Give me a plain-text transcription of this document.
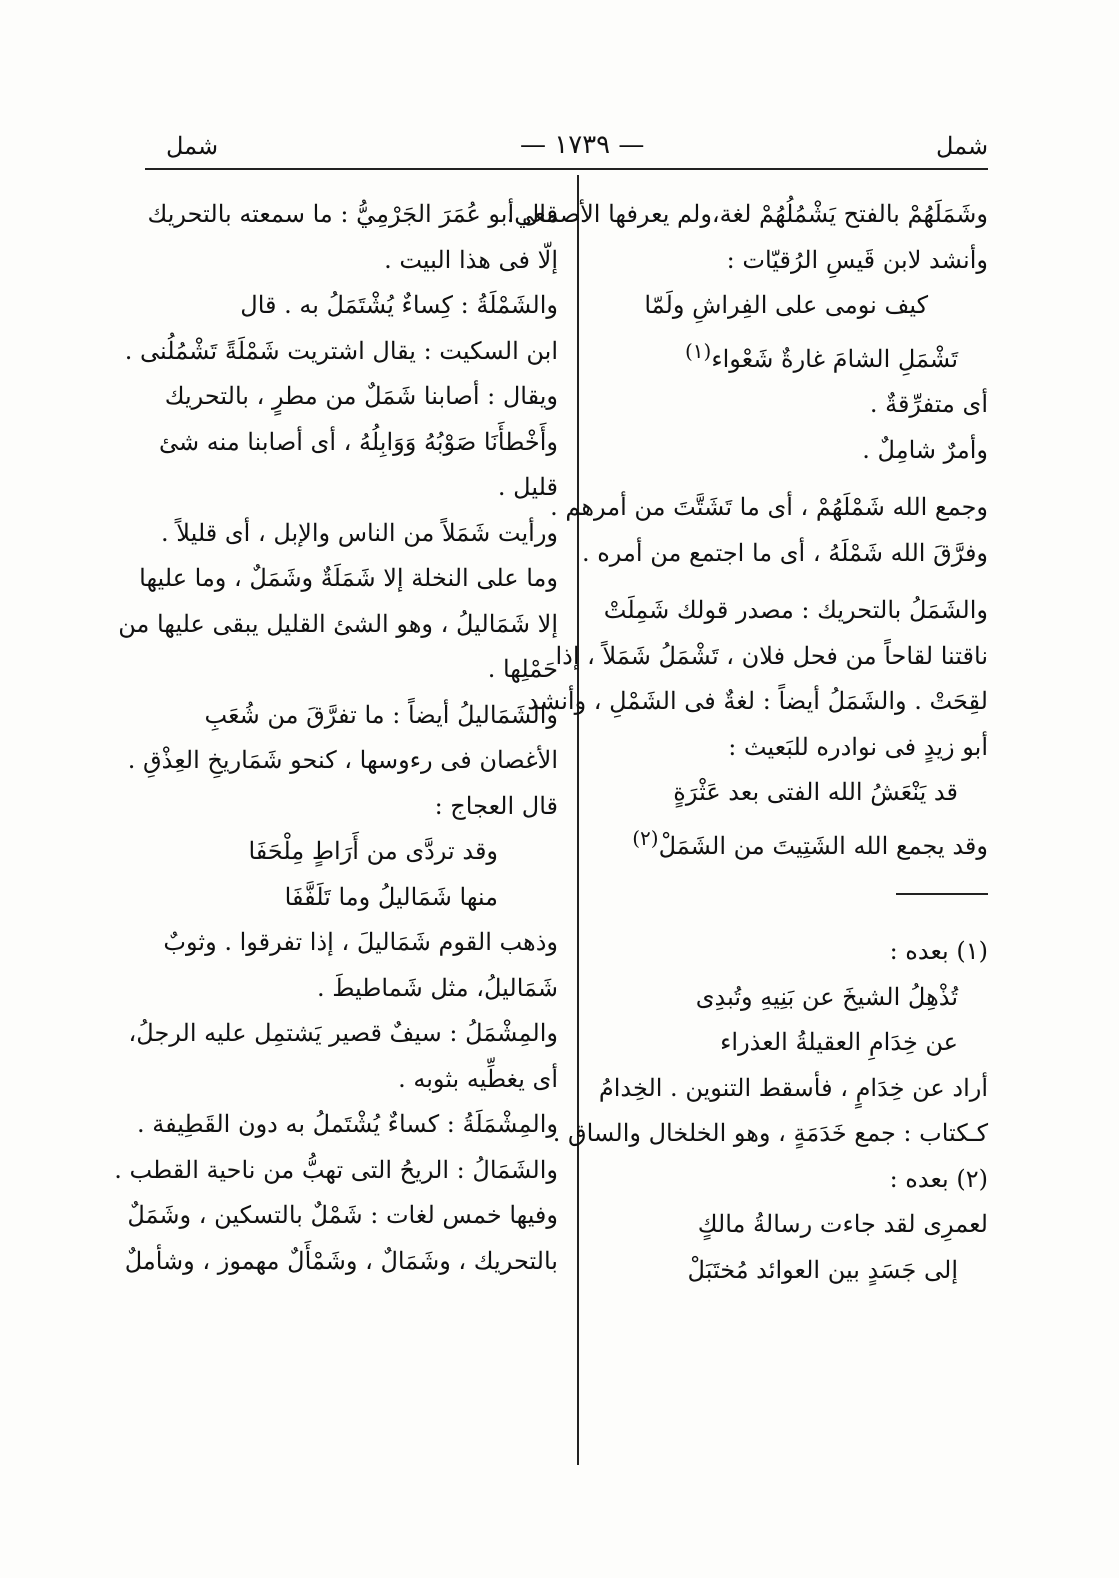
شمل	— ١٧٣٩ —	شمل
وشَمَلَهُمْ بالفتح يَشْمُلُهُمْ لغة،ولم يعرفها الأصمعي.
وأنشد لابن قَيسِ الرُقيّات :
كيف نومى على الفِراشِ ولَمّا
تَشْمَلِ الشامَ غارةٌ شَعْواء$^{(١)}$
أى متفرِّقةٌ .
وأمرٌ شامِلٌ .
وجمع الله شَمْلَهُمْ ، أى ما تَشَتَّتَ من أمرهم .
وفرَّقَ الله شَمْلَهُ ، أى ما اجتمع من أمره .
والشَمَلُ بالتحريك : مصدر قولك شَمِلَتْ
ناقتنا لقاحاً من فحل فلان ، تَشْمَلُ شَمَلاً ، إذا
لقِحَتْ . والشَمَلُ أيضاً : لغةٌ فى الشَمْلِ ، وأنشد
أبو زيدٍ فى نوادره للبَعيث :
قد يَنْعَشُ الله الفتى بعد عَثْرَةٍ
وقد يجمع الله الشَتِيتَ من الشَمَلْ$^{(٢)}$
(١) بعده :
تُذْهِلُ الشيخَ عن بَنِيهِ وتُبدِى
عن خِدَامِ العقيلةُ العذراء
أراد عن خِدَامٍ ، فأسقط التنوين . الخِدامُ
كـكتاب : جمع خَدَمَةٍ ، وهو الخلخال والساق .
(٢) بعده :
لعمرِى لقد جاءت رسالةُ مالكٍ
إلى جَسَدٍ بين العوائد مُختَبَلْ
قال أبو عُمَرَ الجَرْمِيُّ : ما سمعته بالتحريك
إلّا فى هذا البيت .
والشَمْلَةُ : كِساءٌ يُشْتَمَلُ به . قال
ابن السكيت : يقال اشتريت شَمْلَةً تَشْمُلُنى .
ويقال : أصابنا شَمَلٌ من مطرٍ ، بالتحريك
وأَخْطأَنَا صَوْبُهُ وَوَابِلُهُ ، أى أصابنا منه شئ
قليل .
ورأيت شَمَلاً من الناس والإبل ، أى قليلاً .
وما على النخلة إلا شَمَلَةٌ وشَمَلٌ ، وما عليها
إلا شَمَاليلُ ، وهو الشئ القليل يبقى عليها من
حَمْلِها .
والشَمَاليلُ أيضاً : ما تفرَّقَ من شُعَبِ
الأغصان فى رءوسها ، كنحو شَمَاريخِ العِذْقِ .
قال العجاج :
وقد تردَّى من أَرَاطٍ مِلْحَفَا
منها شَمَاليلُ وما تَلَفَّفَا
وذهب القوم شَمَاليلَ ، إذا تفرقوا . وثوبٌ
شَمَاليلُ، مثل شَماطيطَ .
والمِشْمَلُ : سيفٌ قصير يَشتمِل عليه الرجلُ،
أى يغطِّيه بثوبه .
والمِشْمَلَةُ : كساءٌ يُشْتَملُ به دون القَطِيفة .
والشَمَالُ : الريحُ التى تهبُّ من ناحية القطب .
وفيها خمس لغات : شَمْلٌ بالتسكين ، وشَمَلٌ
بالتحريك ، وشَمَالٌ ، وشَمْأَلٌ مهموز ، وشأملٌ
